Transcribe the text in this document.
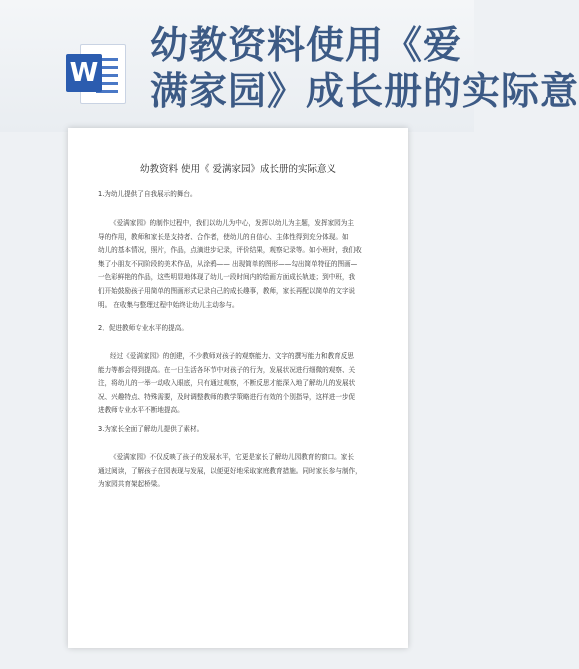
W
幼教资料使用《爱
满家园》成长册的实际意
幼教资料 使用《 爱满家园》成长册的实际意义
1.为幼儿提供了自我展示的舞台。
《爱满家园》的制作过程中，我们以幼儿为中心，发挥以幼儿为主题，发挥家园为主
导的作用，教师和家长是支持者、合作者，使幼儿的自信心、主体性得到充分体现。如
幼儿的基本情况，照片，作品，点滴进步记录，评价结果，观察记录等。如小班时，我们收
集了小朋友不同阶段的美术作品，从涂鸦—— 出现简单的图形——勾出简单特征的图画—
一色彩鲜艳的作品，这些明显地体现了幼儿一段时间内的绘画方面成长轨迹；到中班，我
们开始鼓励孩子用简单的图画形式记录自己的成长趣事，教师，家长再配以简单的文字说
明。 在收集与整理过程中始终让幼儿主动参与。
2．促进教师专业水平的提高。
经过《爱满家园》的创建，不少教师对孩子的观察能力、文字的撰写能力和教育反思
能力等都会得到提高。在一日生活各环节中对孩子的行为，发展状况进行细微的观察、关
注，将幼儿的一举一动收入眼底，只有通过观察，不断反思才能深入地了解幼儿的发展状
况、兴趣特点、特殊需要，及时调整教师的教学策略进行有效的个别指导，这样进一步促
进教师专业水平不断地提高。
3.为家长全面了解幼儿提供了素材。
《爱满家园》不仅反映了孩子的发展水平，它更是家长了解幼儿园教育的窗口。家长
通过阅读，了解孩子在园表现与发展，以便更好地采取家庭教育措施。同时家长参与制作，
为家园共育架起桥梁。
